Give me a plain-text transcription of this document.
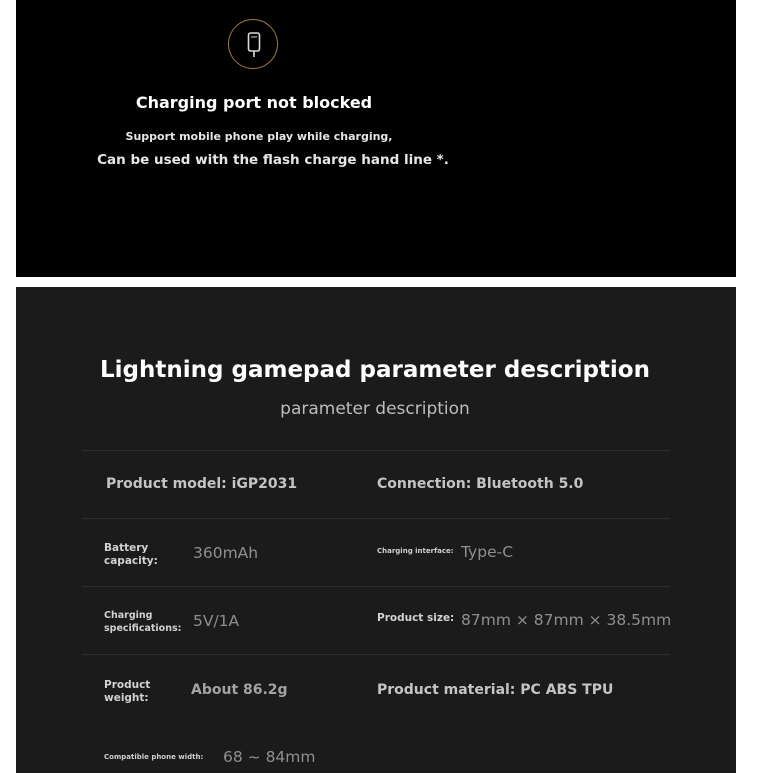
Charging port not blocked
Support mobile phone play while charging,
Can be used with the flash charge hand line *.
Lightning gamepad parameter description
parameter description
Product model: iGP2031	Connection: Bluetooth 5.0
Battery capacity:	360mAh	Charging interface: Type-C
Charging specifications: 5V/1A	Product size: 87mm × 87mm × 38.5mm
Product weight:	About 86.2g	Product material: PC ABS TPU
Compatible phone width: 68 ~ 84mm
